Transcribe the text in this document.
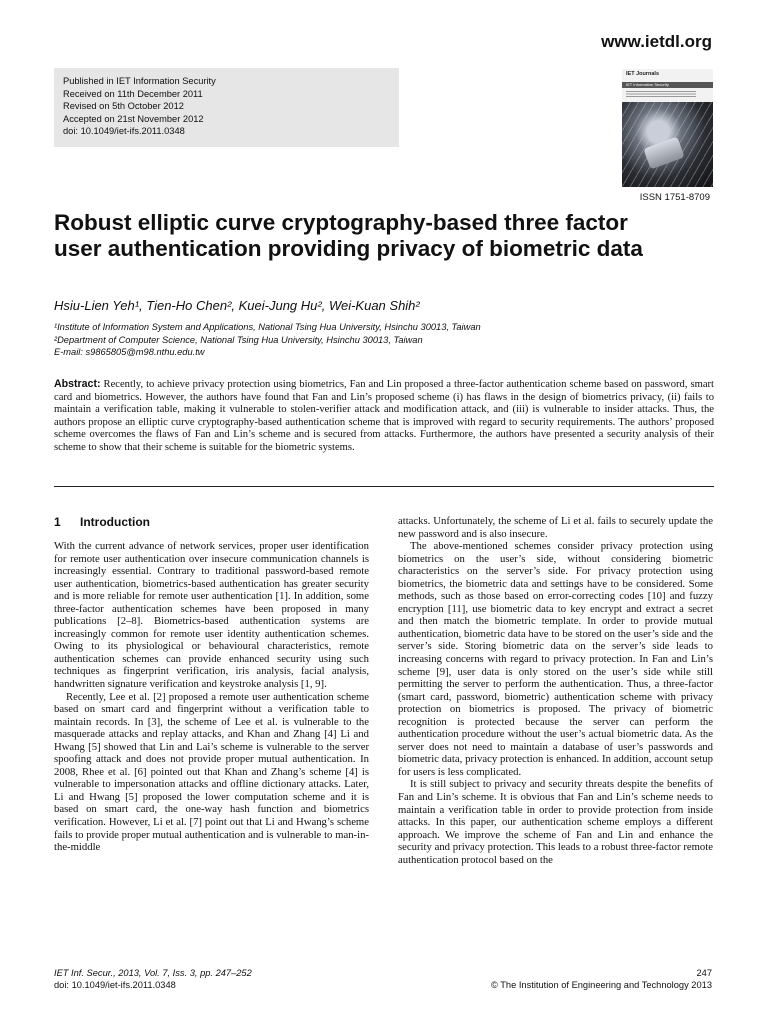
www.ietdl.org
Published in IET Information Security
Received on 11th December 2011
Revised on 5th October 2012
Accepted on 21st November 2012
doi: 10.1049/iet-ifs.2011.0348
IET Journals
IET Information Security
ISSN 1751-8709
Robust elliptic curve cryptography-based three factor user authentication providing privacy of biometric data
Hsiu-Lien Yeh¹, Tien-Ho Chen², Kuei-Jung Hu², Wei-Kuan Shih²
¹Institute of Information System and Applications, National Tsing Hua University, Hsinchu 30013, Taiwan
²Department of Computer Science, National Tsing Hua University, Hsinchu 30013, Taiwan
E-mail: s9865805@m98.nthu.edu.tw
Abstract: Recently, to achieve privacy protection using biometrics, Fan and Lin proposed a three-factor authentication scheme based on password, smart card and biometrics. However, the authors have found that Fan and Lin’s proposed scheme (i) has flaws in the design of biometrics privacy, (ii) fails to maintain a verification table, making it vulnerable to stolen-verifier attack and modification attack, and (iii) is vulnerable to insider attacks. Thus, the authors propose an elliptic curve cryptography-based authentication scheme that is improved with regard to security requirements. The authors’ proposed scheme overcomes the flaws of Fan and Lin’s scheme and is secured from attacks. Furthermore, the authors have presented a security analysis of their scheme to show that their scheme is suitable for the biometric systems.
1 Introduction

With the current advance of network services, proper user identification for remote user authentication over insecure communication channels is increasingly essential. Contrary to traditional password-based remote user authentication, biometrics-based authentication has greater security and is more reliable for remote user authentication [1]. In addition, some three-factor authentication schemes have been proposed in many publications [2–8]. Biometrics-based authentication systems are increasingly common for remote user identity authentication schemes. Owing to its physiological or behavioural characteristics, remote authentication schemes can provide enhanced security using such techniques as fingerprint verification, iris analysis, facial analysis, handwritten signature verification and keystroke analysis [1, 9].

Recently, Lee et al. [2] proposed a remote user authentication scheme based on smart card and fingerprint without a verification table to maintain records. In [3], the scheme of Lee et al. is vulnerable to the masquerade attacks and replay attacks, and Khan and Zhang [4] Li and Hwang [5] showed that Lin and Lai’s scheme is vulnerable to the server spoofing attack and does not provide proper mutual authentication. In 2008, Rhee et al. [6] pointed out that Khan and Zhang’s scheme [4] is vulnerable to impersonation attacks and offline dictionary attacks. Later, Li and Hwang [5] proposed the lower computation scheme and it is based on smart card, the one-way hash function and biometrics verification. However, Li et al. [7] point out that Li and Hwang’s scheme fails to provide proper mutual authentication and is vulnerable to man-in-the-middle

attacks. Unfortunately, the scheme of Li et al. fails to securely update the new password and is also insecure.

The above-mentioned schemes consider privacy protection using biometrics on the user’s side, without considering biometric characteristics on the server’s side. For privacy protection using biometrics, the biometric data and settings have to be considered. Some methods, such as those based on error-correcting codes [10] and fuzzy encryption [11], use biometric data to key encrypt and extract a secret and then match the biometric template. In order to provide mutual authentication, biometric data have to be stored on the user’s side and the server’s side. Storing biometric data on the server’s side leads to increasing concerns with regard to privacy protection. In Fan and Lin’s scheme [9], user data is only stored on the user’s side while still permitting the server to perform the authentication. Thus, a three-factor (smart card, password, biometric) authentication scheme with privacy protection on biometrics is proposed. The privacy of biometric recognition is protected because the server can perform the authentication procedure without the user’s actual biometric data. As the server does not need to maintain a database of user’s passwords and biometric data, privacy protection is enhanced. In addition, account setup for users is less complicated.

It is still subject to privacy and security threats despite the benefits of Fan and Lin’s scheme. It is obvious that Fan and Lin’s scheme needs to maintain a verification table in order to provide protection from inside attacks. In this paper, our authentication scheme employs a different approach. We improve the scheme of Fan and Lin and enhance the security and privacy protection. This leads to a robust three-factor remote authentication protocol based on the

IET Inf. Secur., 2013, Vol. 7, Iss. 3, pp. 247–252
doi: 10.1049/iet-ifs.2011.0348
247
© The Institution of Engineering and Technology 2013
